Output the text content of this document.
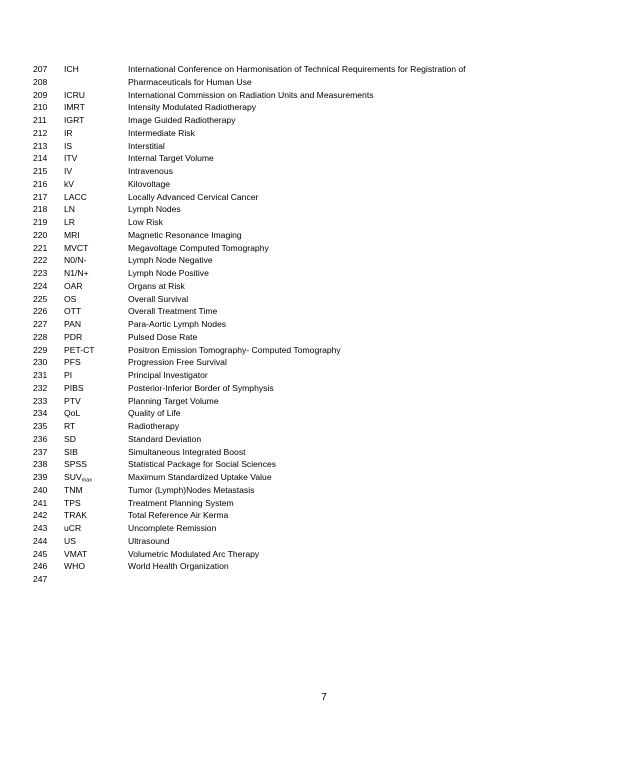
207 ICH	International Conference on Harmonisation of Technical Requirements for Registration of
208	Pharmaceuticals for Human Use
209 ICRU	International Commission on Radiation Units and Measurements
210 IMRT	Intensity Modulated Radiotherapy
211 IGRT	Image Guided Radiotherapy
212 IR	Intermediate Risk
213 IS	Interstitial
214 ITV	Internal Target Volume
215 IV	Intravenous
216 kV	Kilovoltage
217 LACC	Locally Advanced Cervical Cancer
218 LN	Lymph Nodes
219 LR	Low Risk
220 MRI	Magnetic Resonance Imaging
221 MVCT	Megavoltage Computed Tomography
222 N0/N-	Lymph Node Negative
223 N1/N+	Lymph Node Positive
224 OAR	Organs at Risk
225 OS	Overall Survival
226 OTT	Overall Treatment Time
227 PAN	Para-Aortic Lymph Nodes
228 PDR	Pulsed Dose Rate
229 PET-CT	Positron Emission Tomography- Computed Tomography
230 PFS	Progression Free Survival
231 PI	Principal Investigator
232 PIBS	Posterior-Inferior Border of Symphysis
233 PTV	Planning Target Volume
234 QoL	Quality of Life
235 RT	Radiotherapy
236 SD	Standard Deviation
237 SIB	Simultaneous Integrated Boost
238 SPSS	Statistical Package for Social Sciences
239 $SUV_{max}$	Maximum Standardized Uptake Value
240 TNM	Tumor (Lymph)Nodes Metastasis
241 TPS	Treatment Planning System
242 TRAK	Total Reference Air Kerma
243 uCR	Uncomplete Remission
244 US	Ultrasound
245 VMAT	Volumetric Modulated Arc Therapy
246 WHO	World Health Organization
247
7
